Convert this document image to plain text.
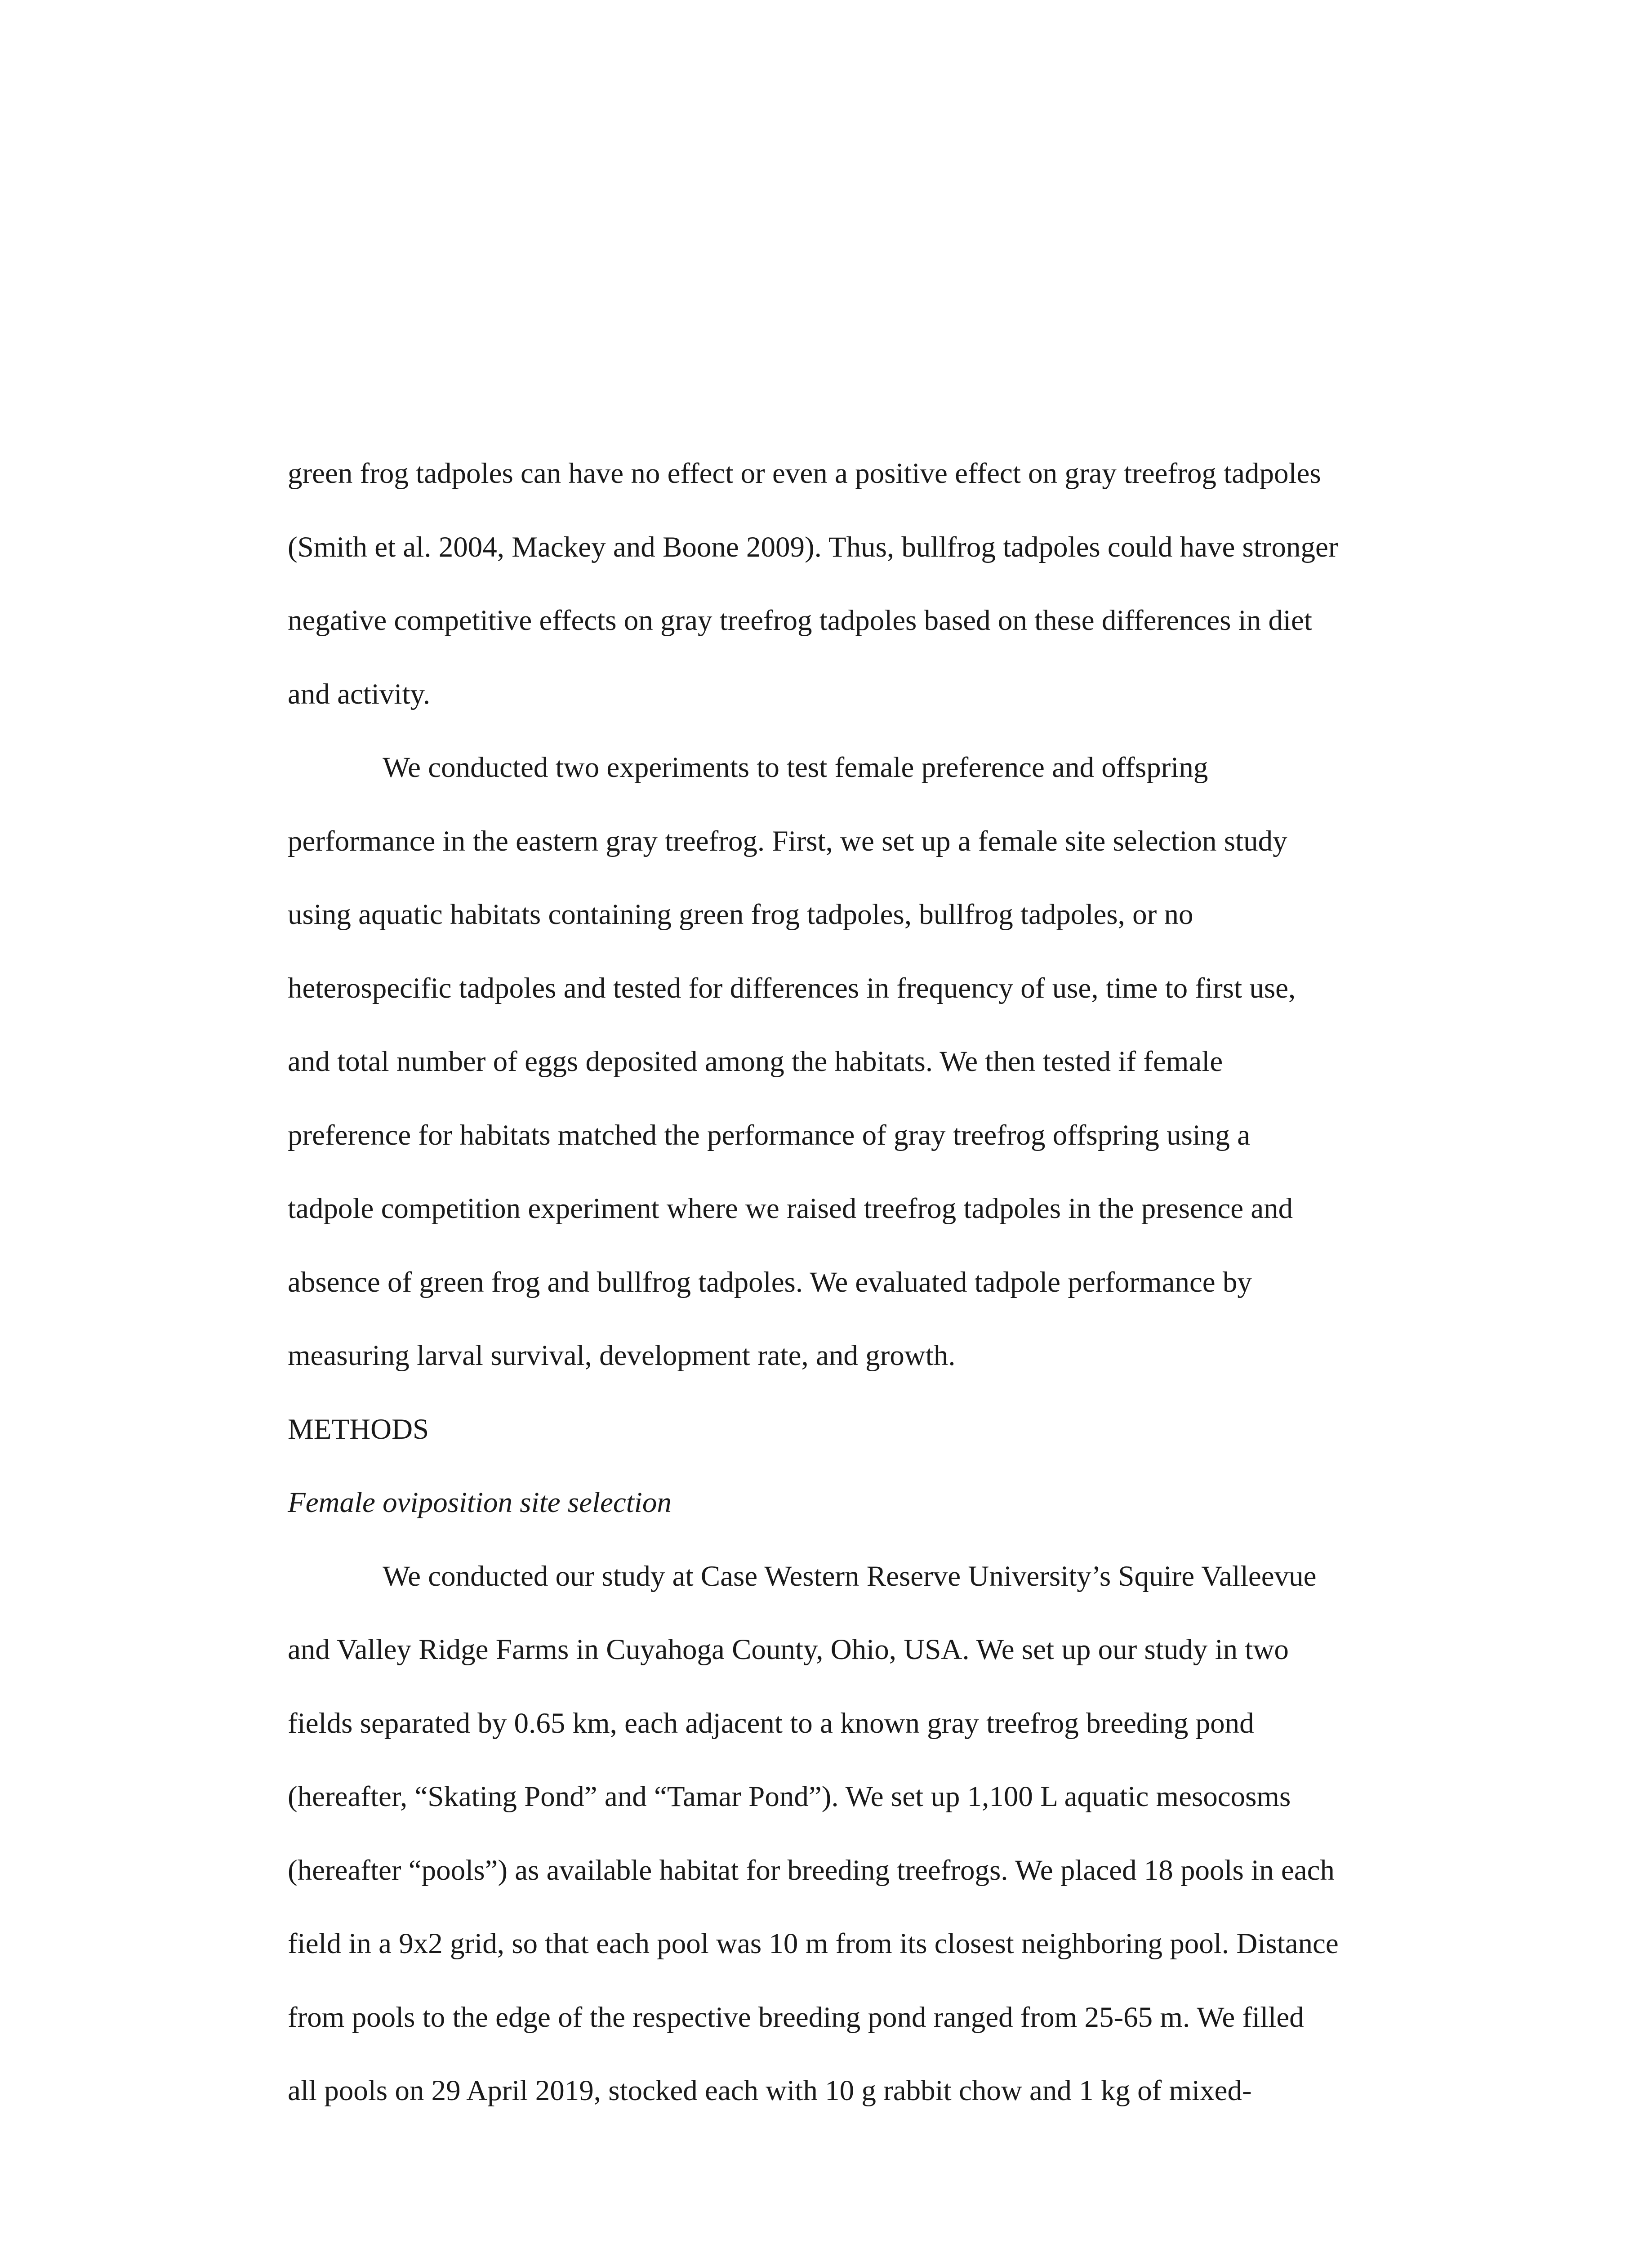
green frog tadpoles can have no effect or even a positive effect on gray treefrog tadpoles
(Smith et al. 2004, Mackey and Boone 2009). Thus, bullfrog tadpoles could have stronger
negative competitive effects on gray treefrog tadpoles based on these differences in diet
and activity.
We conducted two experiments to test female preference and offspring
performance in the eastern gray treefrog. First, we set up a female site selection study
using aquatic habitats containing green frog tadpoles, bullfrog tadpoles, or no
heterospecific tadpoles and tested for differences in frequency of use, time to first use,
and total number of eggs deposited among the habitats. We then tested if female
preference for habitats matched the performance of gray treefrog offspring using a
tadpole competition experiment where we raised treefrog tadpoles in the presence and
absence of green frog and bullfrog tadpoles. We evaluated tadpole performance by
measuring larval survival, development rate, and growth.
METHODS
Female oviposition site selection
We conducted our study at Case Western Reserve University’s Squire Valleevue
and Valley Ridge Farms in Cuyahoga County, Ohio, USA. We set up our study in two
fields separated by 0.65 km, each adjacent to a known gray treefrog breeding pond
(hereafter, “Skating Pond” and “Tamar Pond”). We set up 1,100 L aquatic mesocosms
(hereafter “pools”) as available habitat for breeding treefrogs. We placed 18 pools in each
field in a 9x2 grid, so that each pool was 10 m from its closest neighboring pool. Distance
from pools to the edge of the respective breeding pond ranged from 25-65 m. We filled
all pools on 29 April 2019, stocked each with 10 g rabbit chow and 1 kg of mixed-
